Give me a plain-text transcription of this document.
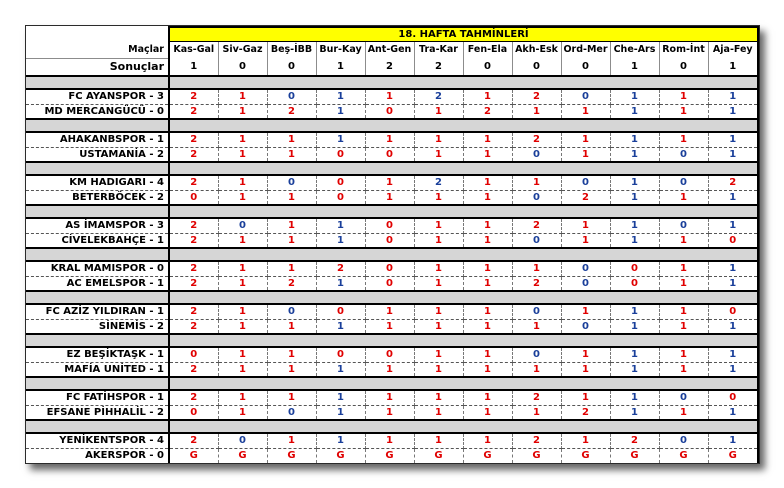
	18. HAFTA TAHMİNLERİ											
Maçlar	Kas-Gal	Siv-Gaz	Beş-İBB	Bur-Kay	Ant-Gen	Tra-Kar	Fen-Ela	Akh-Esk	Ord-Mer	Che-Ars	Rom-İnt	Aja-Fey
Sonuçlar	1	0	0	1	2	2	0	0	0	1	0	1

FC AYANSPOR - 3	2	1	0	1	1	2	1	2	0	1	1	1
MD MERCANGÜCÜ - 0	2	1	2	1	0	1	2	1	1	1	1	1

AHAKANBSPOR - 1	2	1	1	1	1	1	1	2	1	1	1	1
USTAMANİA - 2	2	1	1	0	0	1	1	0	1	1	0	1

KM HADIGARI - 4	2	1	0	0	1	2	1	1	0	1	0	2
BETERBÖCEK - 2	0	1	1	0	1	1	1	0	2	1	1	1

AS İMAMSPOR - 3	2	0	1	1	0	1	1	2	1	1	0	1
CİVELEKBAHÇE - 1	2	1	1	1	0	1	1	0	1	1	1	0

KRAL MAMISPOR - 0	2	1	1	2	0	1	1	1	0	0	1	1
AC EMELSPOR - 1	2	1	2	1	0	1	1	2	0	0	1	1

FC AZİZ YILDIRAN - 1	2	1	0	0	1	1	1	0	1	1	1	0
SİNEMİS - 2	2	1	1	1	1	1	1	1	0	1	1	1

EZ BEŞİKTAŞK - 1	0	1	1	0	0	1	1	0	1	1	1	1
MAFİA UNİTED - 1	2	1	1	1	1	1	1	1	1	1	1	1

FC FATİHSPOR - 1	2	1	1	1	1	1	1	2	1	1	0	0
EFSANE PİHHALİL - 2	0	1	0	1	1	1	1	1	2	1	1	1

YENİKENTSPOR - 4	2	0	1	1	1	1	1	2	1	2	0	1
AKERSPOR - 0	G	G	G	G	G	G	G	G	G	G	G	G
